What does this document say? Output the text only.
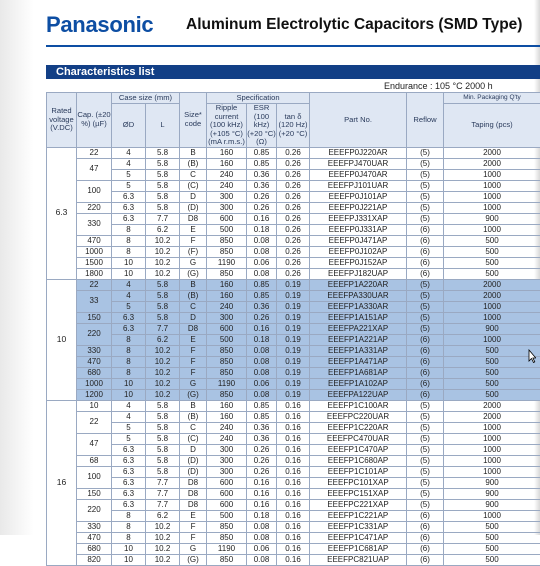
Panasonic Aluminum Electrolytic Capacitors (SMD Type)
Characteristics list
Endurance : 105 °C 2000 h
Rated voltage (V.DC)	Cap. (±20 %) (µF)	Case size (mm)		Size* code	Specification			Part No.	Reflow	Min. Packaging Q'ty
		ØD	L		Ripple current (100 kHz) (+105 °C) (mA r.m.s.)	ESR (100 kHz) (+20 °C) (Ω)	tan δ (120 Hz) (+20 °C)			Taping (pcs)
6.3	22	4	5.8	B	160	0.85	0.26	EEEFP0J220AR	(5)	2000
	47	4	5.8	(B)	160	0.85	0.26	EEEFPJ470UAR	(5)	2000
		5	5.8	C	240	0.36	0.26	EEEFP0J470AR	(5)	1000
	100	5	5.8	(C)	240	0.36	0.26	EEEFPJ101UAR	(5)	1000
		6.3	5.8	D	300	0.26	0.26	EEEFP0J101AP	(5)	1000
	220	6.3	5.8	(D)	300	0.26	0.26	EEEFP0J221AP	(5)	1000
	330	6.3	7.7	D8	600	0.16	0.26	EEEFPJ331XAP	(5)	900
		8	6.2	E	500	0.18	0.26	EEEFP0J331AP	(6)	1000
	470	8	10.2	F	850	0.08	0.26	EEEFP0J471AP	(6)	500
	1000	8	10.2	(F)	850	0.08	0.26	EEEFP0J102AP	(6)	500
	1500	10	10.2	G	1190	0.06	0.26	EEEFP0J152AP	(6)	500
	1800	10	10.2	(G)	850	0.08	0.26	EEEFPJ182UAP	(6)	500
10	22	4	5.8	B	160	0.85	0.19	EEEFP1A220AR	(5)	2000
	33	4	5.8	(B)	160	0.85	0.19	EEEFPA330UAR	(5)	2000
		5	5.8	C	240	0.36	0.19	EEEFP1A330AR	(5)	1000
	150	6.3	5.8	D	300	0.26	0.19	EEEFP1A151AP	(5)	1000
	220	6.3	7.7	D8	600	0.16	0.19	EEEFPA221XAP	(5)	900
		8	6.2	E	500	0.18	0.19	EEEFP1A221AP	(6)	1000
	330	8	10.2	F	850	0.08	0.19	EEEFP1A331AP	(6)	500
	470	8	10.2	F	850	0.08	0.19	EEEFP1A471AP	(6)	500
	680	8	10.2	F	850	0.08	0.19	EEEFP1A681AP	(6)	500
	1000	10	10.2	G	1190	0.06	0.19	EEEFP1A102AP	(6)	500
	1200	10	10.2	(G)	850	0.08	0.19	EEEFPA122UAP	(6)	500
16	10	4	5.8	B	160	0.85	0.16	EEEFP1C100AR	(5)	2000
	22	4	5.8	(B)	160	0.85	0.16	EEEFPC220UAR	(5)	2000
		5	5.8	C	240	0.36	0.16	EEEFP1C220AR	(5)	1000
	47	5	5.8	(C)	240	0.36	0.16	EEEFPC470UAR	(5)	1000
		6.3	5.8	D	300	0.26	0.16	EEEFP1C470AP	(5)	1000
	68	6.3	5.8	(D)	300	0.26	0.16	EEEFP1C680AP	(5)	1000
	100	6.3	5.8	(D)	300	0.26	0.16	EEEFP1C101AP	(5)	1000
		6.3	7.7	D8	600	0.16	0.16	EEEFPC101XAP	(5)	900
	150	6.3	7.7	D8	600	0.16	0.16	EEEFPC151XAP	(5)	900
	220	6.3	7.7	D8	600	0.16	0.16	EEEFPC221XAP	(5)	900
		8	6.2	E	500	0.18	0.16	EEEFP1C221AP	(6)	1000
	330	8	10.2	F	850	0.08	0.16	EEEFP1C331AP	(6)	500
	470	8	10.2	F	850	0.08	0.16	EEEFP1C471AP	(6)	500
	680	10	10.2	G	1190	0.06	0.16	EEEFP1C681AP	(6)	500
	820	10	10.2	(G)	850	0.08	0.16	EEEFPC821UAP	(6)	500
